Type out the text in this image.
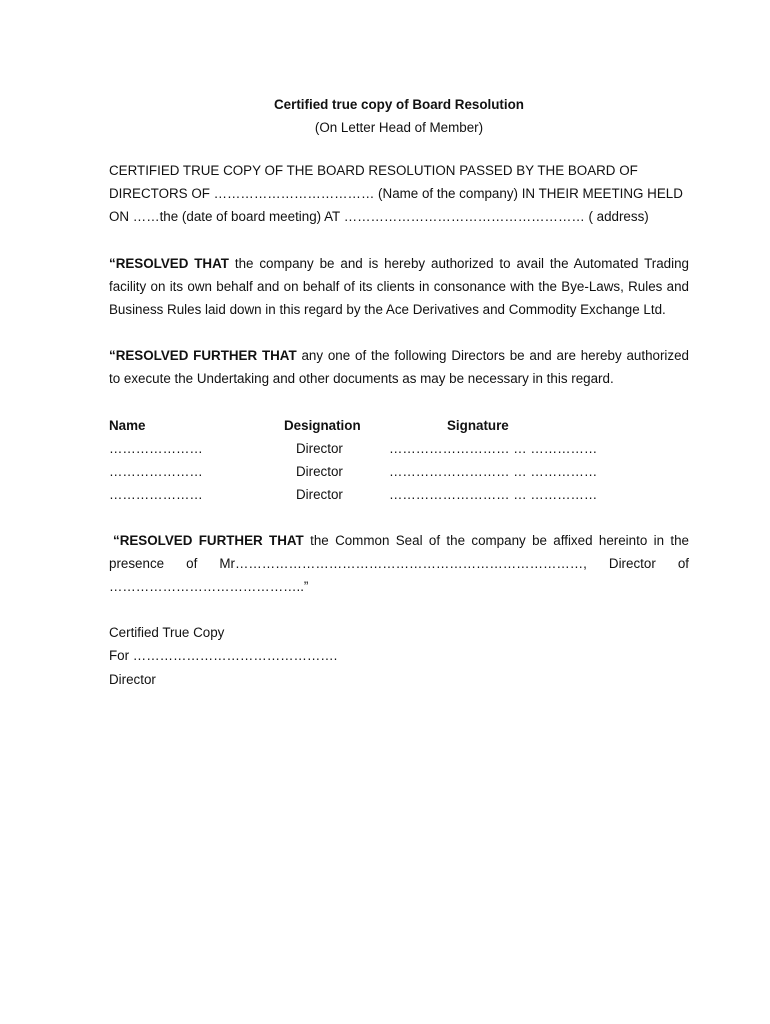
Certified true copy of Board Resolution

(On Letter Head of Member)

CERTIFIED TRUE COPY OF THE BOARD RESOLUTION PASSED BY THE BOARD OF DIRECTORS OF ……………………………… (Name of the company) IN THEIR MEETING HELD ON ……the (date of board meeting) AT ……………………………………………… ( address)

“RESOLVED THAT the company be and is hereby authorized to avail the Automated Trading facility on its own behalf and on behalf of its clients in consonance with the Bye-Laws, Rules and Business Rules laid down in this regard by the Ace Derivatives and Commodity Exchange Ltd.

“RESOLVED FURTHER THAT any one of the following Directors be and are hereby authorized to execute the Undertaking and other documents as may be necessary in this regard.

Name	Designation	Signature
…………………	Director	……………………… … ……………
…………………	Director	……………………… … ……………
…………………	Director	……………………… … ……………

“RESOLVED FURTHER THAT the Common Seal of the company be affixed hereinto in the presence of Mr……………………………………………………………………, Director of

……………………………………..”

Certified True Copy

For ……………………………………….

Director
